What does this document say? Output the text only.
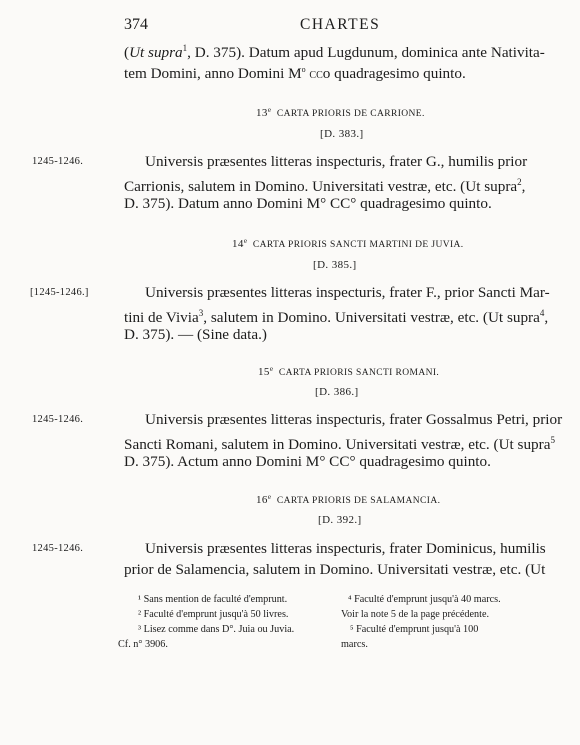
374	CHARTES
(Ut supra$^1$, D. 375). Datum apud Lugdunum, dominica ante Nativita-
tem Domini, anno Domini $M^o$ CCo quadragesimo quinto.
13e CARTA PRIORIS DE CARRIONE.
[D. 383.]
1245-1246.	Universis præsentes litteras inspecturis, frater G., humilis prior
Carrionis, salutem in Domino. Universitati vestræ, etc. (Ut supra$^2$,
D. 375). Datum anno Domini M° CC° quadragesimo quinto.
14e CARTA PRIORIS SANCTI MARTINI DE JUVIA.
[D. 385.]
[1245-1246.]	Universis præsentes litteras inspecturis, frater F., prior Sancti Mar-
tini de Vivia$^3$, salutem in Domino. Universitati vestræ, etc. (Ut supra$^4$,
D. 375). — (Sine data.)
15e CARTA PRIORIS SANCTI ROMANI.
[D. 386.]
1245-1246.	Universis præsentes litteras inspecturis, frater Gossalmus Petri, prior
Sancti Romani, salutem in Domino. Universitati vestræ, etc. (Ut supra$^5$
D. 375). Actum anno Domini M° CC° quadragesimo quinto.
16e CARTA PRIORIS DE SALAMANCIA.
[D. 392.]
1245-1246.	Universis præsentes litteras inspecturis, frater Dominicus, humilis
prior de Salamencia, salutem in Domino. Universitati vestræ, etc. (Ut
¹ Sans mention de faculté d'emprunt.
² Faculté d'emprunt jusqu'à 50 livres.
³ Lisez comme dans D°. Juia ou Juvia.
Cf. n° 3906.
⁴ Faculté d'emprunt jusqu'à 40 marcs.
Voir la note 5 de la page précédente.
⁵ Faculté d'emprunt jusqu'à 100
marcs.
